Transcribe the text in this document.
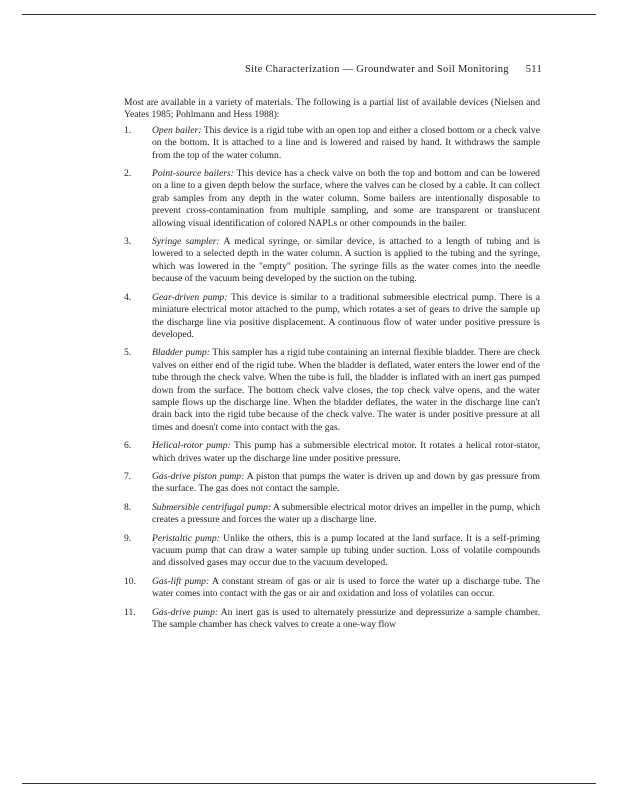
Site Characterization — Groundwater and Soil Monitoring 511

Most are available in a variety of materials. The following is a partial list of available devices (Nielsen and Yeates 1985; Pohlmann and Hess 1988):

1. Open bailer: This device is a rigid tube with an open top and either a closed bottom or a check valve on the bottom. It is attached to a line and is lowered and raised by hand. It withdraws the sample from the top of the water column.
2. Point-source bailers: This device has a check valve on both the top and bottom and can be lowered on a line to a given depth below the surface, where the valves can be closed by a cable. It can collect grab samples from any depth in the water column. Some bailers are intentionally disposable to prevent cross-contamination from multiple sampling, and some are transparent or translucent allowing visual identification of colored NAPLs or other compounds in the bailer.
3. Syringe sampler: A medical syringe, or similar device, is attached to a length of tubing and is lowered to a selected depth in the water column. A suction is applied to the tubing and the syringe, which was lowered in the "empty" position. The syringe fills as the water comes into the needle because of the vacuum being developed by the suction on the tubing.
4. Gear-driven pump: This device is similar to a traditional submersible electrical pump. There is a miniature electrical motor attached to the pump, which rotates a set of gears to drive the sample up the discharge line via positive displacement. A continuous flow of water under positive pressure is developed.
5. Bladder pump: This sampler has a rigid tube containing an internal flexible bladder. There are check valves on either end of the rigid tube. When the bladder is deflated, water enters the lower end of the tube through the check valve. When the tube is full, the bladder is inflated with an inert gas pumped down from the surface. The bottom check valve closes, the top check valve opens, and the water sample flows up the discharge line. When the bladder deflates, the water in the discharge line can't drain back into the rigid tube because of the check valve. The water is under positive pressure at all times and doesn't come into contact with the gas.
6. Helical-rotor pump: This pump has a submersible electrical motor. It rotates a helical rotor-stator, which drives water up the discharge line under positive pressure.
7. Gas-drive piston pump: A piston that pumps the water is driven up and down by gas pressure from the surface. The gas does not contact the sample.
8. Submersible centrifugal pump: A submersible electrical motor drives an impeller in the pump, which creates a pressure and forces the water up a discharge line.
9. Peristaltic pump: Unlike the others, this is a pump located at the land surface. It is a self-priming vacuum pump that can draw a water sample up tubing under suction. Loss of volatile compounds and dissolved gases may occur due to the vacuum developed.
10. Gas-lift pump: A constant stream of gas or air is used to force the water up a discharge tube. The water comes into contact with the gas or air and oxidation and loss of volatiles can occur.
11. Gas-drive pump: An inert gas is used to alternately pressurize and depressurize a sample chamber. The sample chamber has check valves to create a one-way flow
